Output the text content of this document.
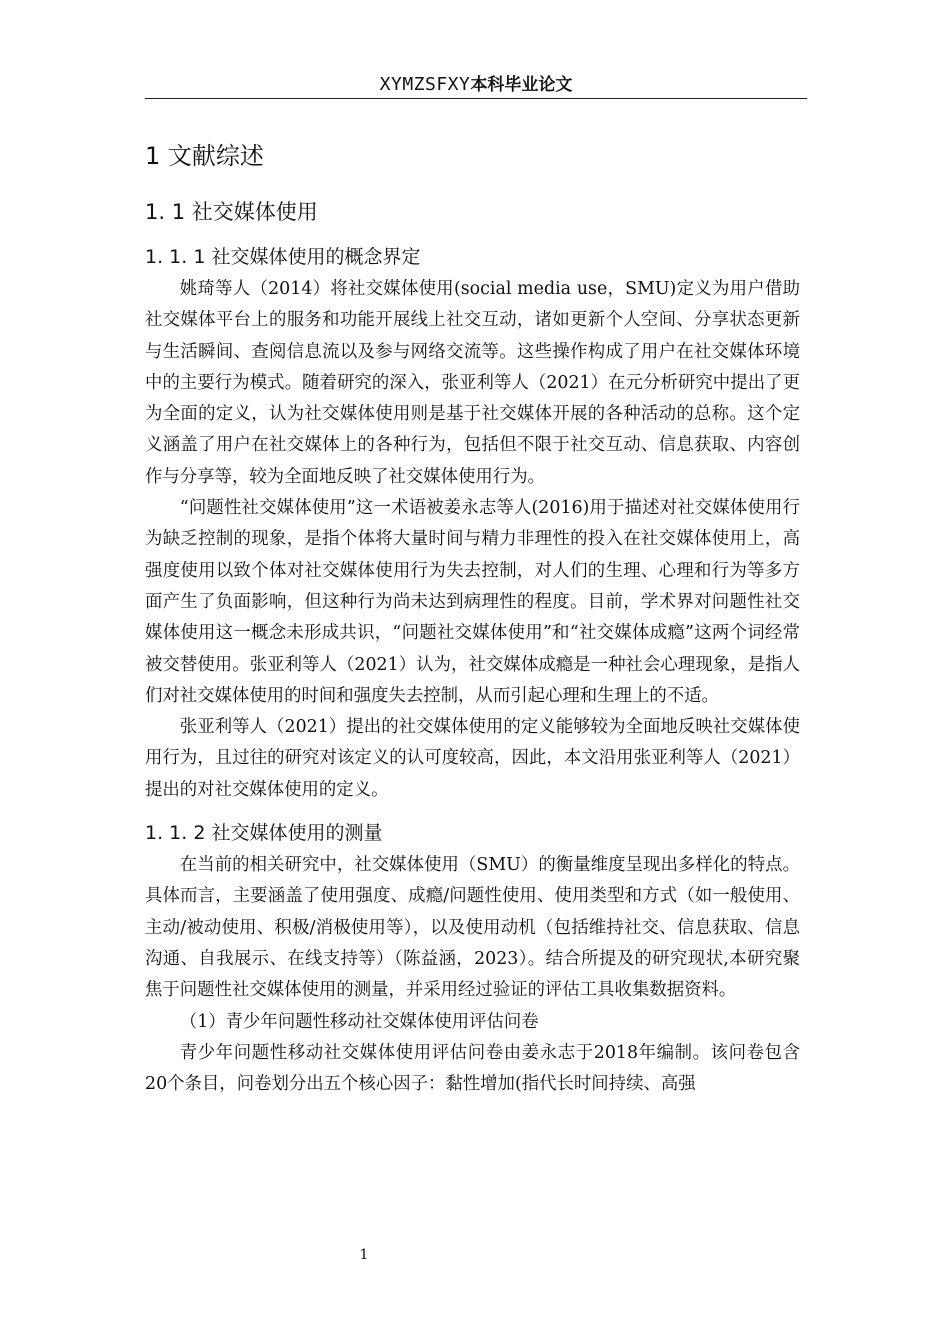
XYMZSFXY本科毕业论文
1 文献综述
1. 1 社交媒体使用
1. 1. 1 社交媒体使用的概念界定

姚琦等人（2014）将社交媒体使用(social media use，SMU)定义为用户借助社交媒体平台上的服务和功能开展线上社交互动，诸如更新个人空间、分享状态更新与生活瞬间、查阅信息流以及参与网络交流等。这些操作构成了用户在社交媒体环境中的主要行为模式。随着研究的深入，张亚利等人（2021）在元分析研究中提出了更为全面的定义，认为社交媒体使用则是基于社交媒体开展的各种活动的总称。这个定义涵盖了用户在社交媒体上的各种行为，包括但不限于社交互动、信息获取、内容创作与分享等，较为全面地反映了社交媒体使用行为。

“问题性社交媒体使用”这一术语被姜永志等人(2016)用于描述对社交媒体使用行为缺乏控制的现象，是指个体将大量时间与精力非理性的投入在社交媒体使用上，高强度使用以致个体对社交媒体使用行为失去控制，对人们的生理、心理和行为等多方面产生了负面影响，但这种行为尚未达到病理性的程度。目前，学术界对问题性社交媒体使用这一概念未形成共识，“问题社交媒体使用”和“社交媒体成瘾”这两个词经常被交替使用。张亚利等人（2021）认为，社交媒体成瘾是一种社会心理现象，是指人们对社交媒体使用的时间和强度失去控制，从而引起心理和生理上的不适。

张亚利等人（2021）提出的社交媒体使用的定义能够较为全面地反映社交媒体使用行为，且过往的研究对该定义的认可度较高，因此，本文沿用张亚利等人（2021）提出的对社交媒体使用的定义。

1. 1. 2 社交媒体使用的测量

在当前的相关研究中，社交媒体使用（SMU）的衡量维度呈现出多样化的特点。具体而言，主要涵盖了使用强度、成瘾/问题性使用、使用类型和方式（如一般使用、主动/被动使用、积极/消极使用等），以及使用动机（包括维持社交、信息获取、信息沟通、自我展示、在线支持等）（陈益涵，2023）。结合所提及的研究现状,本研究聚焦于问题性社交媒体使用的测量，并采用经过验证的评估工具收集数据资料。

（1）青少年问题性移动社交媒体使用评估问卷

青少年问题性移动社交媒体使用评估问卷由姜永志于2018年编制。该问卷包含20个条目，问卷划分出五个核心因子：黏性增加(指代长时间持续、高强

1
